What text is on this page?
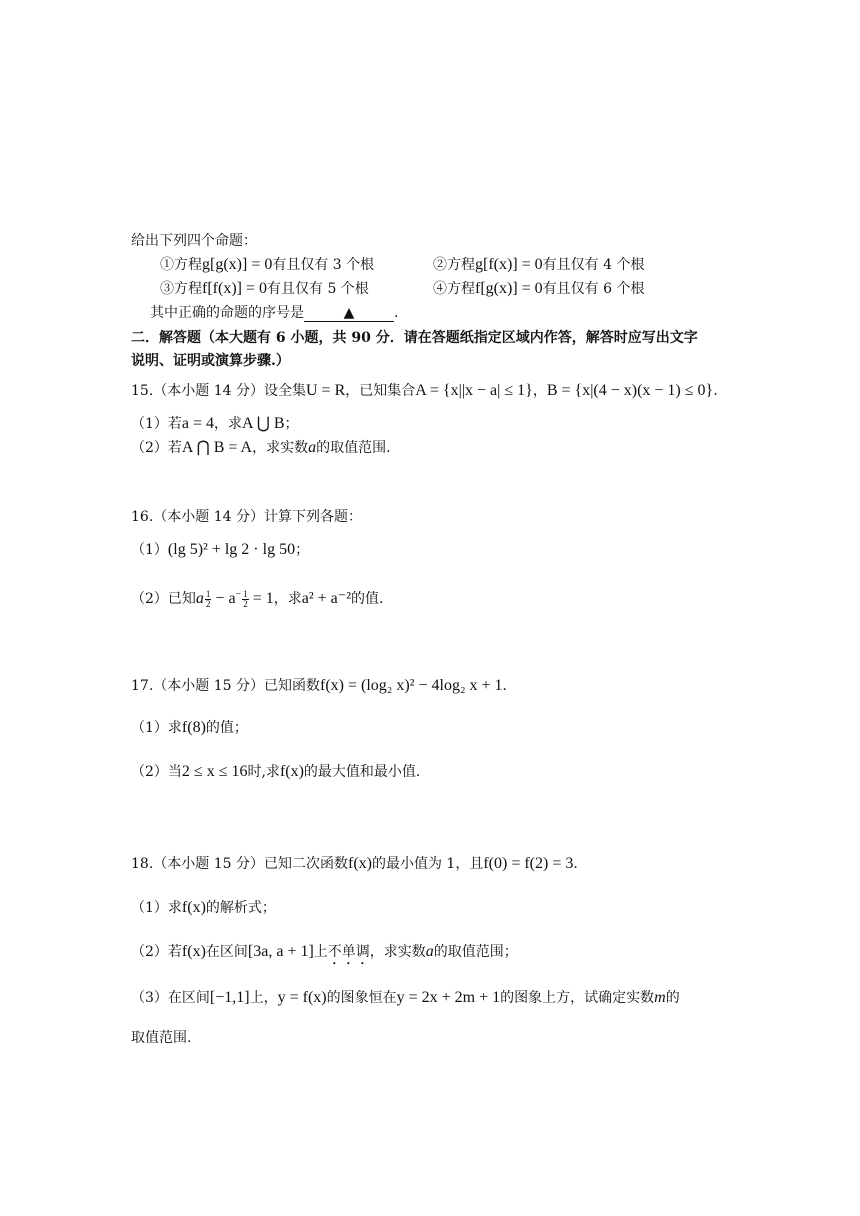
给出下列四个命题：
①方程g[g(x)] = 0有且仅有 3 个根	②方程g[f(x)] = 0有且仅有 4 个根
③方程f[f(x)] = 0有且仅有 5 个根	④方程f[g(x)] = 0有且仅有 6 个根
其中正确的命题的序号是	▲	.
二．解答题（本大题有 6 小题，共 90 分．请在答题纸指定区域内作答，解答时应写出文字
说明、证明或演算步骤.）
15.（本小题 14 分）设全集U = R，已知集合A = {x||x − a| ≤ 1}，B = {x|(4 − x)(x − 1) ≤ 0}.
（1）若a = 4，求A ⋃ B；
（2）若A ⋂ B = A，求实数a的取值范围.
16.（本小题 14 分）计算下列各题：
（1）(lg 5)² + lg 2 · lg 50；
（2）已知a $\frac{1}{2} - a^- \frac{1}{2} = 1$，求a² + a⁻²的值.
17.（本小题 15 分）已知函数f(x) = (log₂ x)² − 4log₂ x + 1.
（1）求f(8)的值；
（2）当2 ≤ x ≤ 16时,求f(x)的最大值和最小值.
18.（本小题 15 分）已知二次函数f(x)的最小值为 1，且f(0) = f(2) = 3.
（1）求f(x)的解析式；
（2）若f(x)在区间[3a, a + 1]上不单调，求实数a的取值范围；
（3）在区间[−1,1]上，y = f(x)的图象恒在y = 2x + 2m + 1的图象上方，试确定实数m的
取值范围.
